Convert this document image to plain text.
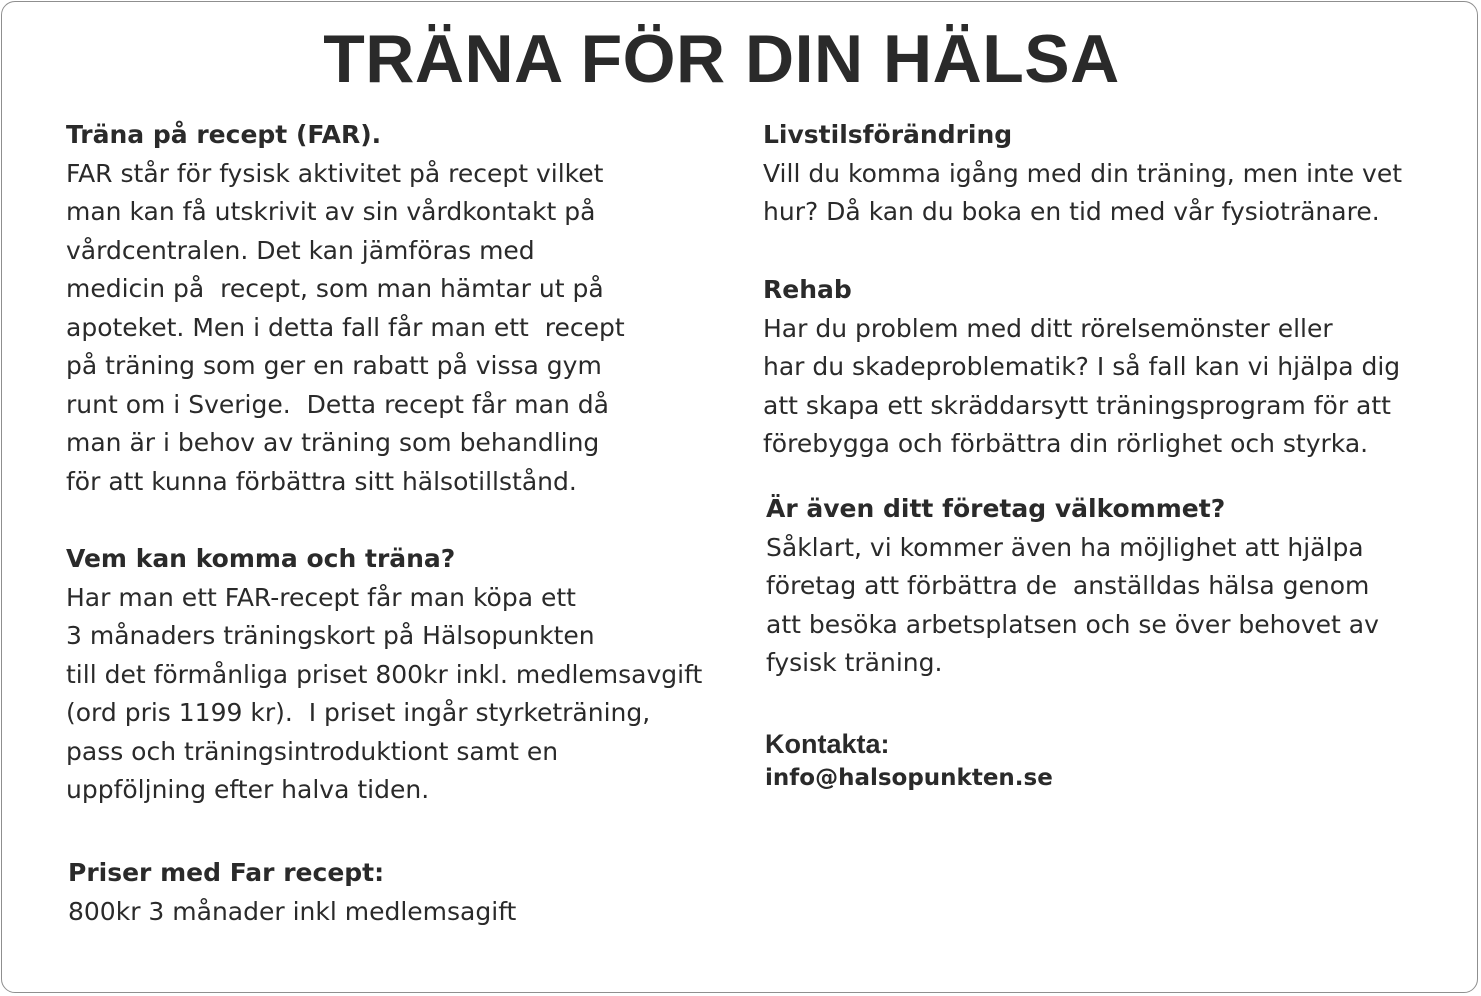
TRÄNA FÖR DIN HÄLSA
Träna på recept (FAR).
FAR står för fysisk aktivitet på recept vilket
man kan få utskrivit av sin vårdkontakt på
vårdcentralen. Det kan jämföras med
medicin på  recept, som man hämtar ut på
apoteket. Men i detta fall får man ett  recept
på träning som ger en rabatt på vissa gym
runt om i Sverige.  Detta recept får man då
man är i behov av träning som behandling
för att kunna förbättra sitt hälsotillstånd.
Vem kan komma och träna?
Har man ett FAR-recept får man köpa ett
3 månaders träningskort på Hälsopunkten
till det förmånliga priset 800kr inkl. medlemsavgift
(ord pris 1199 kr).  I priset ingår styrketräning,
pass och träningsintroduktiont samt en
uppföljning efter halva tiden.
Priser med Far recept:
800kr 3 månader inkl medlemsagift
Livstilsförändring
Vill du komma igång med din träning, men inte vet
hur? Då kan du boka en tid med vår fysiotränare.
Rehab
Har du problem med ditt rörelsemönster eller
har du skadeproblematik? I så fall kan vi hjälpa dig
att skapa ett skräddarsytt träningsprogram för att
förebygga och förbättra din rörlighet och styrka.
Är även ditt företag välkommet?
Såklart, vi kommer även ha möjlighet att hjälpa
företag att förbättra de  anställdas hälsa genom
att besöka arbetsplatsen och se över behovet av
fysisk träning.
Kontakta:
info@halsopunkten.se
